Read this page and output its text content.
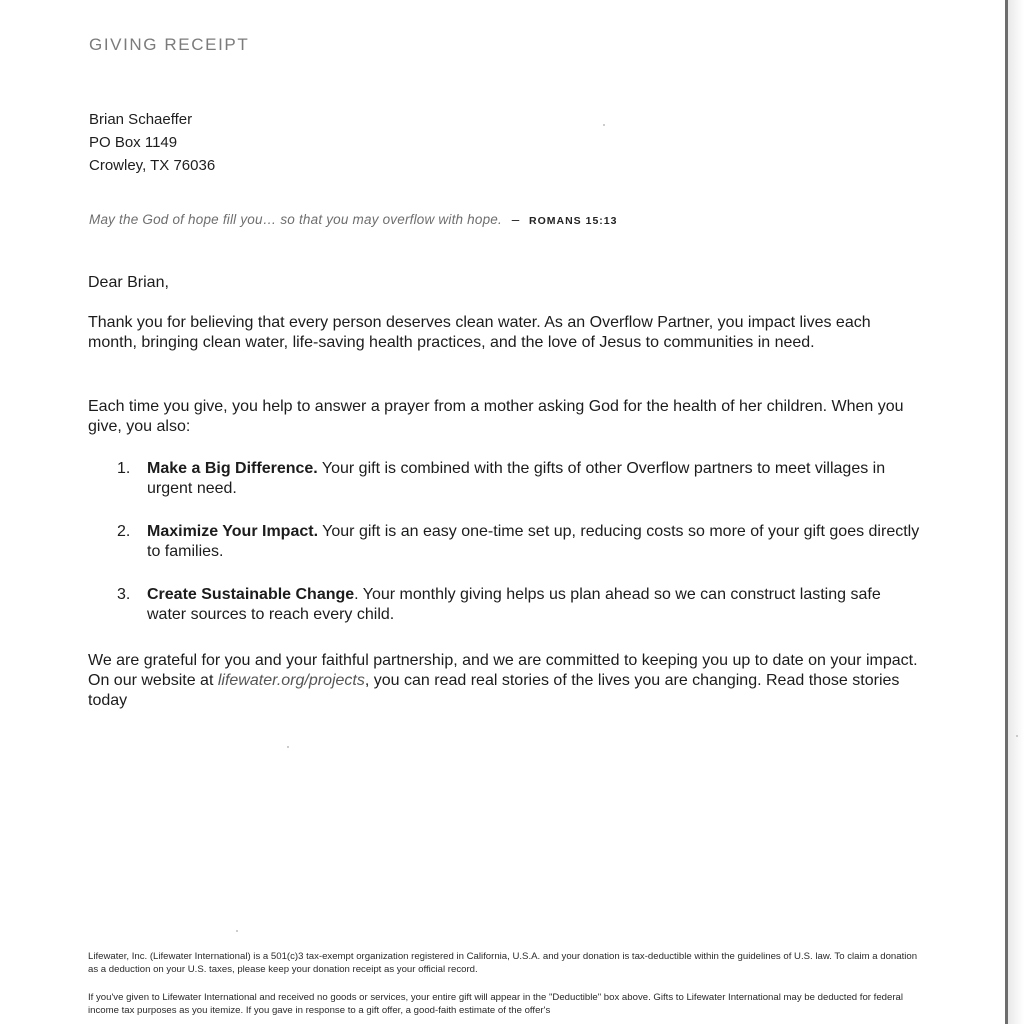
GIVING RECEIPT
Brian Schaeffer
PO Box 1149
Crowley, TX 76036
May the God of hope fill you… so that you may overflow with hope. – ROMANS 15:13
Dear Brian,
Thank you for believing that every person deserves clean water. As an Overflow Partner, you impact lives each month, bringing clean water, life-saving health practices, and the love of Jesus to communities in need.
Each time you give, you help to answer a prayer from a mother asking God for the health of her children. When you give, you also:
1. Make a Big Difference. Your gift is combined with the gifts of other Overflow partners to meet villages in urgent need.
2. Maximize Your Impact. Your gift is an easy one-time set up, reducing costs so more of your gift goes directly to families.
3. Create Sustainable Change. Your monthly giving helps us plan ahead so we can construct lasting safe water sources to reach every child.
We are grateful for you and your faithful partnership, and we are committed to keeping you up to date on your impact. On our website at lifewater.org/projects, you can read real stories of the lives you are changing. Read those stories today
Lifewater, Inc. (Lifewater International) is a 501(c)3 tax-exempt organization registered in California, U.S.A. and your donation is tax-deductible within the guidelines of U.S. law. To claim a donation as a deduction on your U.S. taxes, please keep your donation receipt as your official record.
If you've given to Lifewater International and received no goods or services, your entire gift will appear in the "Deductible" box above. Gifts to Lifewater International may be deducted for federal income tax purposes as you itemize. If you gave in response to a gift offer, a good-faith estimate of the offer's
